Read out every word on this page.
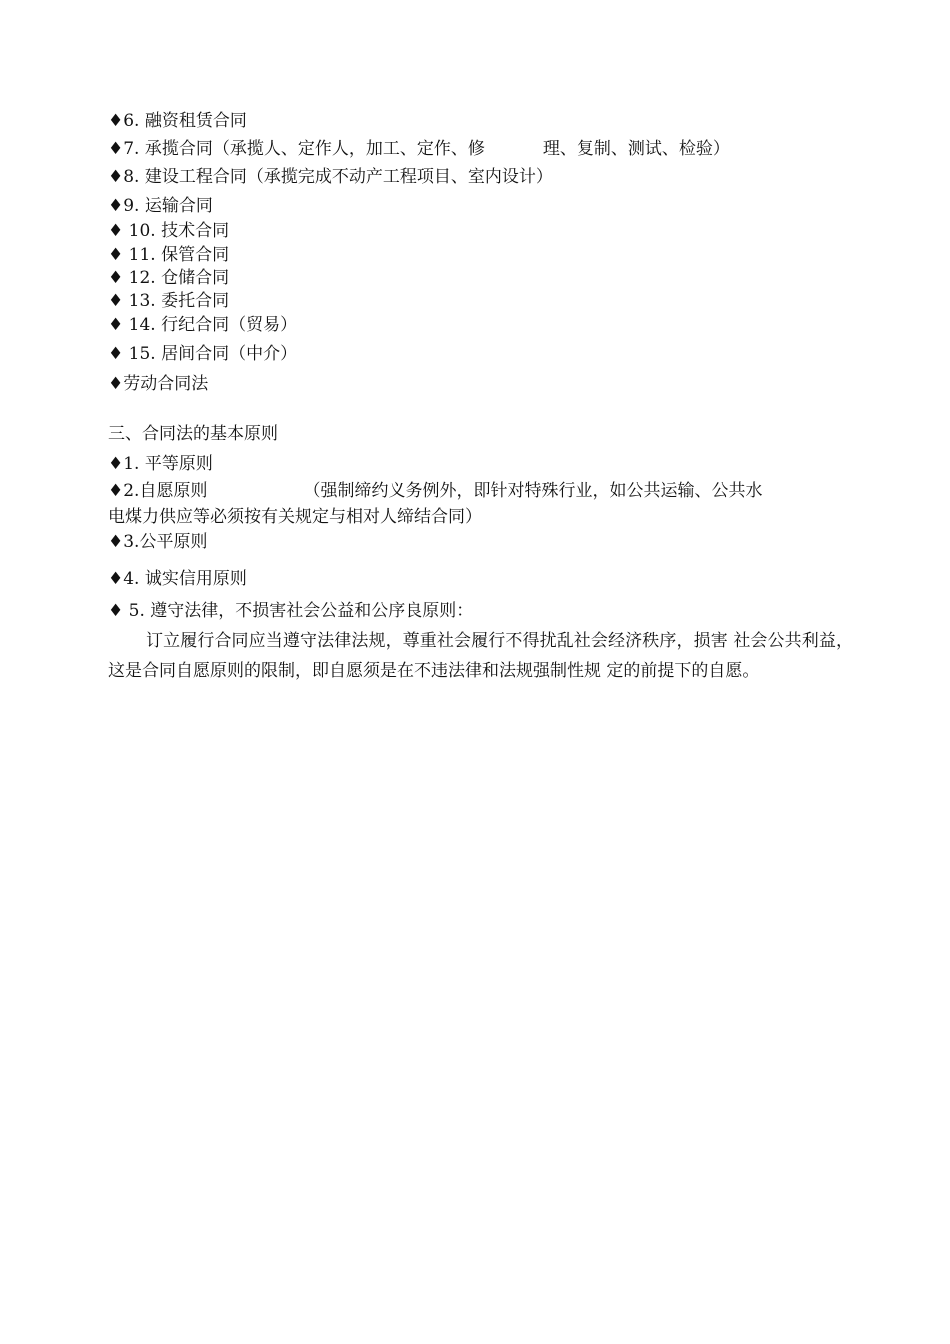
♦6. 融资租赁合同
♦7. 承揽合同（承揽人、定作人，加工、定作、修	理、复制、测试、检验）
♦8. 建设工程合同（承揽完成不动产工程项目、室内设计）
♦9. 运输合同
♦ 10. 技术合同
♦ 11. 保管合同
♦ 12. 仓储合同
♦ 13. 委托合同
♦ 14. 行纪合同（贸易）
♦ 15. 居间合同（中介）
♦劳动合同法
三、合同法的基本原则
♦1. 平等原则
♦2.自愿原则	（强制缔约义务例外，即针对特殊行业，如公共运输、公共水
电煤力供应等必须按有关规定与相对人缔结合同）
♦3.公平原则
♦4. 诚实信用原则
♦ 5. 遵守法律，不损害社会公益和公序良原则：
订立履行合同应当遵守法律法规，尊重社会履行不得扰乱社会经济秩序，损害 社会公共利益，这是合同自愿原则的限制，即自愿须是在不违法律和法规强制性规 定的前提下的自愿。
